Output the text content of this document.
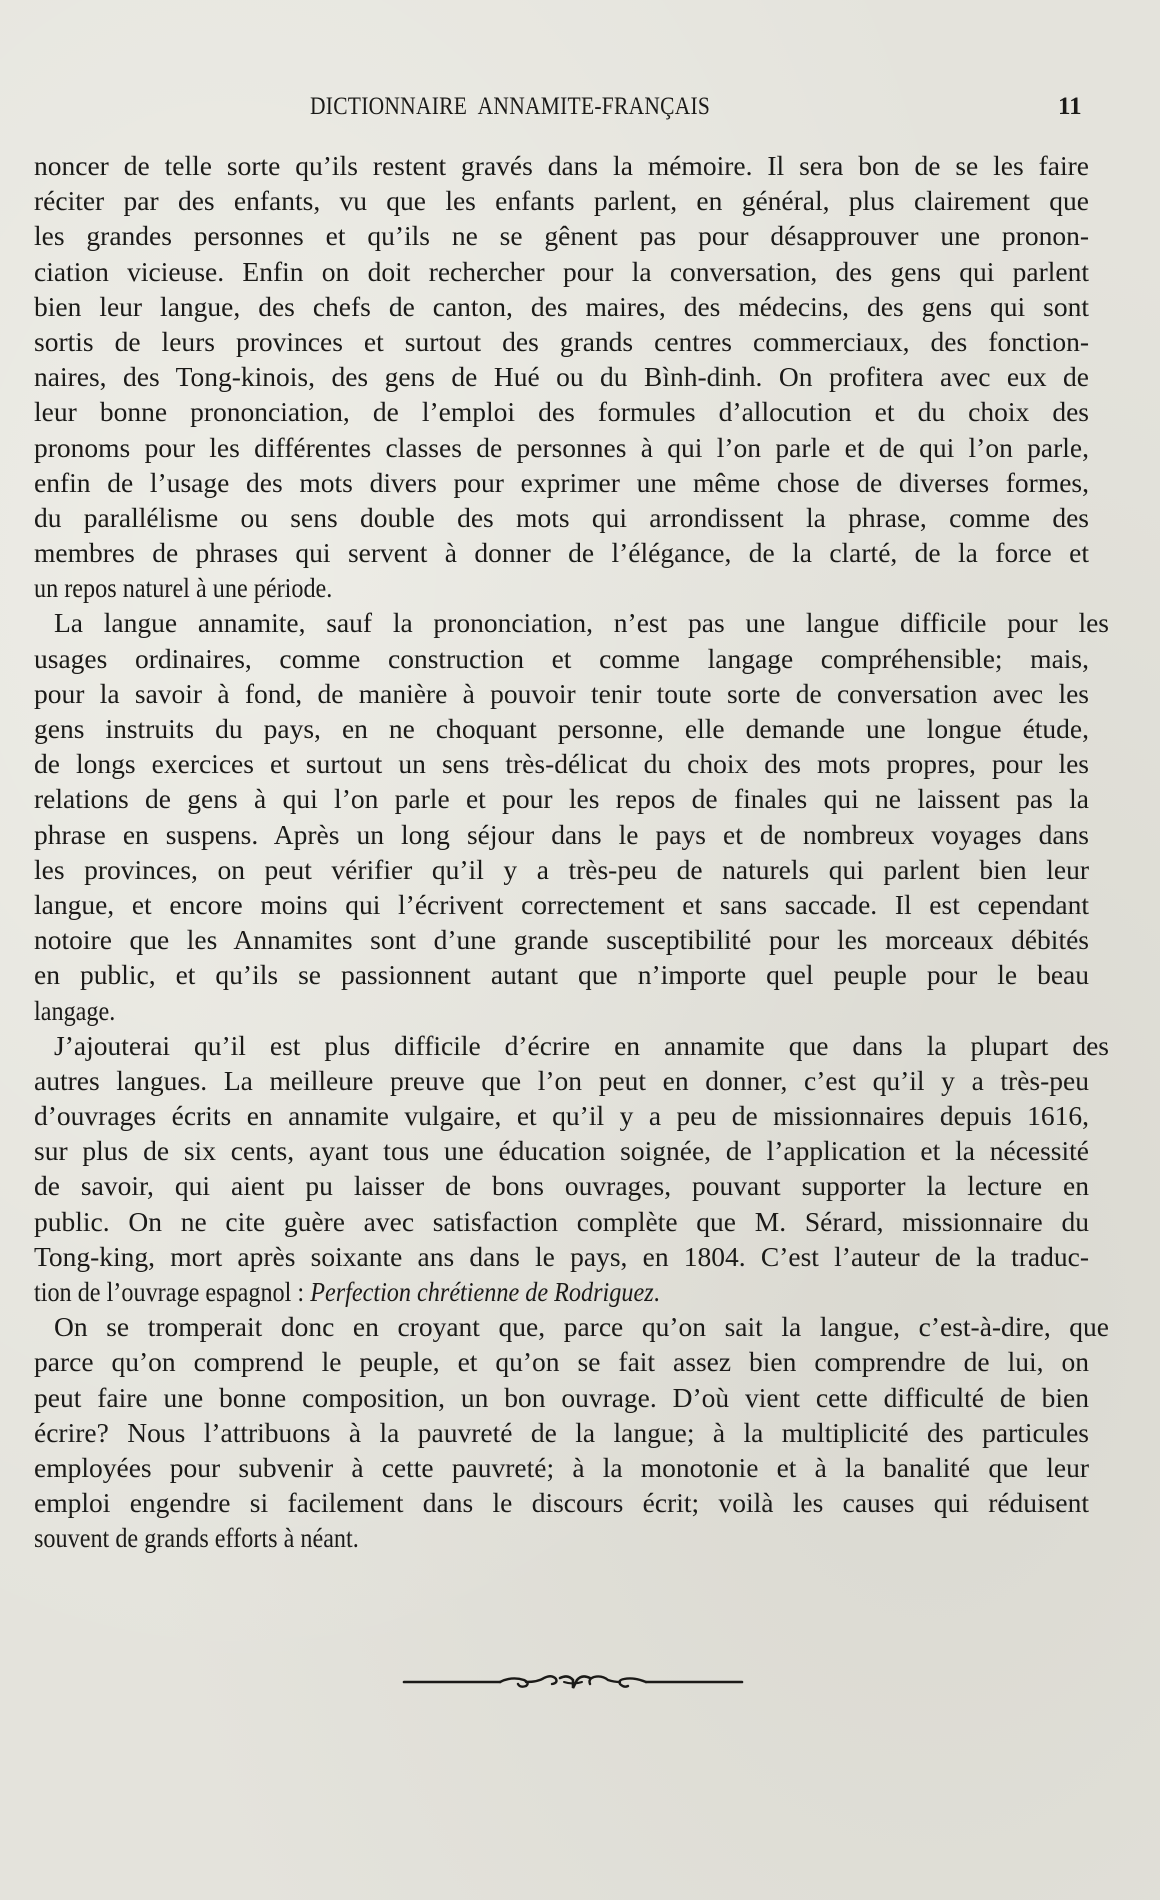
DICTIONNAIRE ANNAMITE-FRANÇAIS	11
noncer de telle sorte qu’ils restent gravés dans la mémoire. Il sera bon de se les faire
réciter par des enfants, vu que les enfants parlent, en général, plus clairement que
les grandes personnes et qu’ils ne se gênent pas pour désapprouver une pronon-
ciation vicieuse. Enfin on doit rechercher pour la conversation, des gens qui parlent
bien leur langue, des chefs de canton, des maires, des médecins, des gens qui sont
sortis de leurs provinces et surtout des grands centres commerciaux, des fonction-
naires, des Tong-kinois, des gens de Hué ou du Bình-dinh. On profitera avec eux de
leur bonne prononciation, de l’emploi des formules d’allocution et du choix des
pronoms pour les différentes classes de personnes à qui l’on parle et de qui l’on parle,
enfin de l’usage des mots divers pour exprimer une même chose de diverses formes,
du parallélisme ou sens double des mots qui arrondissent la phrase, comme des
membres de phrases qui servent à donner de l’élégance, de la clarté, de la force et
un repos naturel à une période.
La langue annamite, sauf la prononciation, n’est pas une langue difficile pour les
usages ordinaires, comme construction et comme langage compréhensible; mais,
pour la savoir à fond, de manière à pouvoir tenir toute sorte de conversation avec les
gens instruits du pays, en ne choquant personne, elle demande une longue étude,
de longs exercices et surtout un sens très-délicat du choix des mots propres, pour les
relations de gens à qui l’on parle et pour les repos de finales qui ne laissent pas la
phrase en suspens. Après un long séjour dans le pays et de nombreux voyages dans
les provinces, on peut vérifier qu’il y a très-peu de naturels qui parlent bien leur
langue, et encore moins qui l’écrivent correctement et sans saccade. Il est cependant
notoire que les Annamites sont d’une grande susceptibilité pour les morceaux débités
en public, et qu’ils se passionnent autant que n’importe quel peuple pour le beau
langage.
J’ajouterai qu’il est plus difficile d’écrire en annamite que dans la plupart des
autres langues. La meilleure preuve que l’on peut en donner, c’est qu’il y a très-peu
d’ouvrages écrits en annamite vulgaire, et qu’il y a peu de missionnaires depuis 1616,
sur plus de six cents, ayant tous une éducation soignée, de l’application et la nécessité
de savoir, qui aient pu laisser de bons ouvrages, pouvant supporter la lecture en
public. On ne cite guère avec satisfaction complète que M. Sérard, missionnaire du
Tong-king, mort après soixante ans dans le pays, en 1804. C’est l’auteur de la traduc-
tion de l’ouvrage espagnol : Perfection chrétienne de Rodriguez.
On se tromperait donc en croyant que, parce qu’on sait la langue, c’est-à-dire, que
parce qu’on comprend le peuple, et qu’on se fait assez bien comprendre de lui, on
peut faire une bonne composition, un bon ouvrage. D’où vient cette difficulté de bien
écrire? Nous l’attribuons à la pauvreté de la langue; à la multiplicité des particules
employées pour subvenir à cette pauvreté; à la monotonie et à la banalité que leur
emploi engendre si facilement dans le discours écrit; voilà les causes qui réduisent
souvent de grands efforts à néant.
